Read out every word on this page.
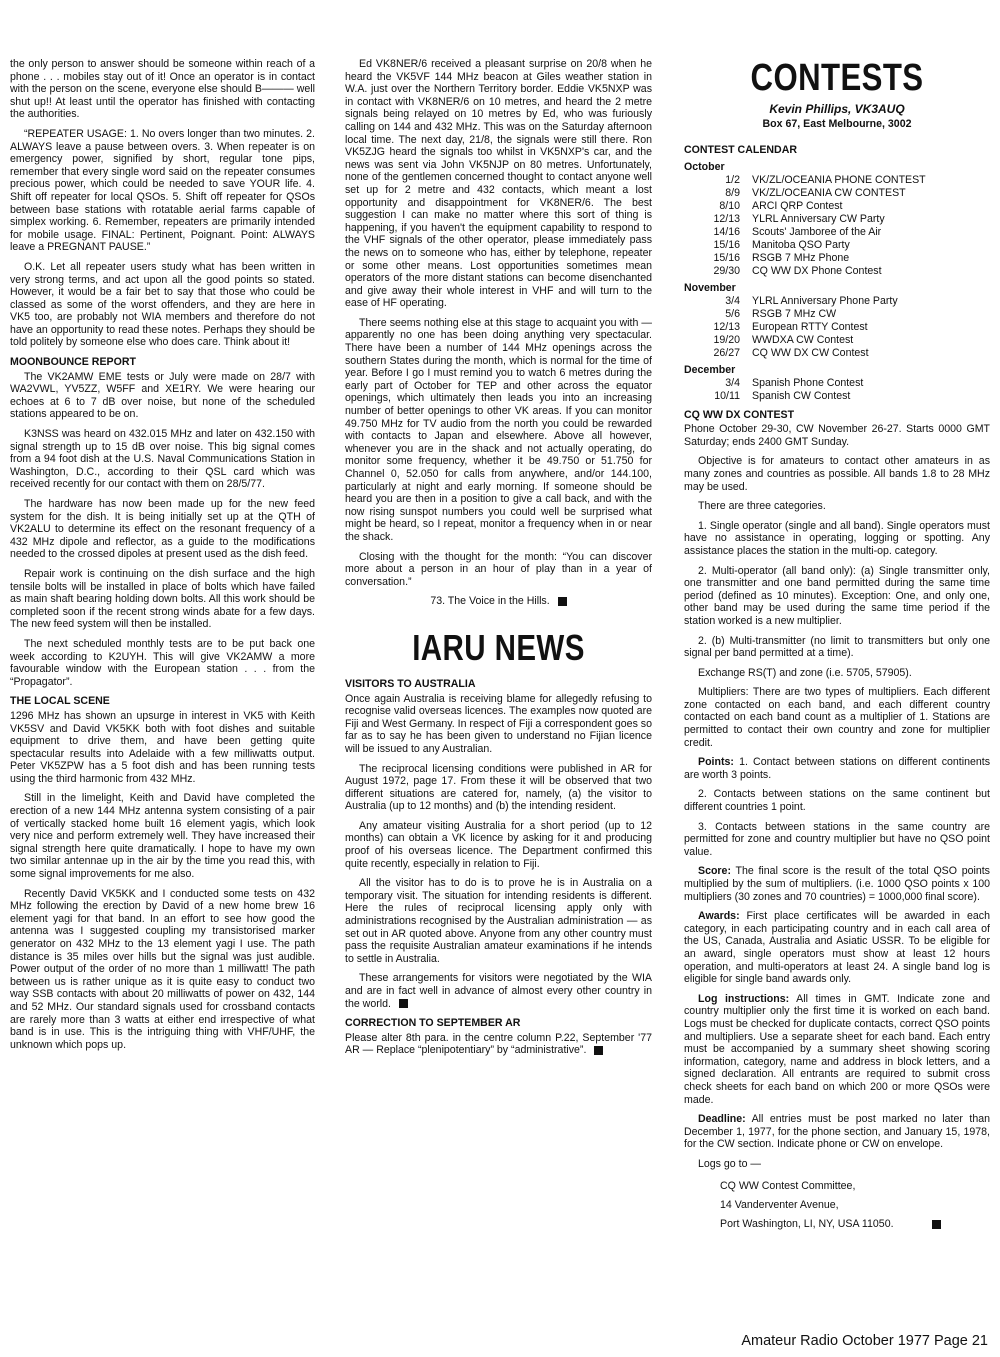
the only person to answer should be someone within reach of a phone . . . mobiles stay out of it! Once an operator is in contact with the person on the scene, everyone else should B——— well shut up!! At least until the operator has finished with contacting the authorities.

“REPEATER USAGE: 1. No overs longer than two minutes. 2. ALWAYS leave a pause between overs. 3. When repeater is on emergency power, signified by short, regular tone pips, remember that every single word said on the repeater consumes precious power, which could be needed to save YOUR life. 4. Shift off repeater for local QSOs. 5. Shift off repeater for QSOs between base stations with rotatable aerial farms capable of simplex working. 6. Remember, repeaters are primarily intended for mobile usage. FINAL: Pertinent, Poignant. Point: ALWAYS leave a PREGNANT PAUSE.”

O.K. Let all repeater users study what has been written in very strong terms, and act upon all the good points so stated. However, it would be a fair bet to say that those who could be classed as some of the worst offenders, and they are here in VK5 too, are probably not WIA members and therefore do not have an opportunity to read these notes. Perhaps they should be told politely by someone else who does care. Think about it!

MOONBOUNCE REPORT

The VK2AMW EME tests or July were made on 28/7 with WA2VWL, YV5ZZ, W5FF and XE1RY. We were hearing our echoes at 6 to 7 dB over noise, but none of the scheduled stations appeared to be on.

K3NSS was heard on 432.015 MHz and later on 432.150 with signal strength up to 15 dB over noise. This big signal comes from a 94 foot dish at the U.S. Naval Communications Station in Washington, D.C., according to their QSL card which was received recently for our contact with them on 28/5/77.

The hardware has now been made up for the new feed system for the dish. It is being initially set up at the QTH of VK2ALU to determine its effect on the resonant frequency of a 432 MHz dipole and reflector, as a guide to the modifications needed to the crossed dipoles at present used as the dish feed.

Repair work is continuing on the dish surface and the high tensile bolts will be installed in place of bolts which have failed as main shaft bearing holding down bolts. All this work should be completed soon if the recent strong winds abate for a few days. The new feed system will then be installed.

The next scheduled monthly tests are to be put back one week according to K2UYH. This will give VK2AMW a more favourable window with the European station . . . from the “Propagator”.

THE LOCAL SCENE

1296 MHz has shown an upsurge in interest in VK5 with Keith VK5SV and David VK5KK both with foot dishes and suitable equipment to drive them, and have been getting quite spectacular results into Adelaide with a few milliwatts output. Peter VK5ZPW has a 5 foot dish and has been running tests using the third harmonic from 432 MHz.

Still in the limelight, Keith and David have completed the erection of a new 144 MHz antenna system consisting of a pair of vertically stacked home built 16 element yagis, which look very nice and perform extremely well. They have increased their signal strength here quite dramatically. I hope to have my own two similar antennae up in the air by the time you read this, with some signal improvements for me also.

Recently David VK5KK and I conducted some tests on 432 MHz following the erection by David of a new home brew 16 element yagi for that band. In an effort to see how good the antenna was I suggested coupling my transistorised marker generator on 432 MHz to the 13 element yagi I use. The path distance is 35 miles over hills but the signal was just audible. Power output of the order of no more than 1 milliwatt! The path between us is rather unique as it is quite easy to conduct two way SSB contacts with about 20 milliwatts of power on 432, 144 and 52 MHz. Our standard signals used for crossband contacts are rarely more than 3 watts at either end irrespective of what band is in use. This is the intriguing thing with VHF/UHF, the unknown which pops up.

Ed VK8NER/6 received a pleasant surprise on 20/8 when he heard the VK5VF 144 MHz beacon at Giles weather station in W.A. just over the Northern Territory border. Eddie VK5NXP was in contact with VK8NER/6 on 10 metres, and heard the 2 metre signals being relayed on 10 metres by Ed, who was furiously calling on 144 and 432 MHz. This was on the Saturday afternoon local time. The next day, 21/8, the signals were still there. Ron VK5ZJG heard the signals too whilst in VK5NXP's car, and the news was sent via John VK5NJP on 80 metres. Unfortunately, none of the gentlemen concerned thought to contact anyone well set up for 2 metre and 432 contacts, which meant a lost opportunity and disappointment for VK8NER/6. The best suggestion I can make no matter where this sort of thing is happening, if you haven't the equipment capability to respond to the VHF signals of the other operator, please immediately pass the news on to someone who has, either by telephone, repeater or some other means. Lost opportunities sometimes mean operators of the more distant stations can become disenchanted and give away their whole interest in VHF and will turn to the ease of HF operating.

There seems nothing else at this stage to acquaint you with — apparently no one has been doing anything very spectacular. There have been a number of 144 MHz openings across the southern States during the month, which is normal for the time of year. Before I go I must remind you to watch 6 metres during the early part of October for TEP and other across the equator openings, which ultimately then leads you into an increasing number of better openings to other VK areas. If you can monitor 49.750 MHz for TV audio from the north you could be rewarded with contacts to Japan and elsewhere. Above all however, whenever you are in the shack and not actually operating, do monitor some frequency, whether it be 49.750 or 51.750 for Channel 0, 52.050 for calls from anywhere, and/or 144.100, particularly at night and early morning. If someone should be heard you are then in a position to give a call back, and with the now rising sunspot numbers you could well be surprised what might be heard, so I repeat, monitor a frequency when in or near the shack.

Closing with the thought for the month: “You can discover more about a person in an hour of play than in a year of conversation.”

73. The Voice in the Hills.

IARU NEWS
VISITORS TO AUSTRALIA

Once again Australia is receiving blame for allegedly refusing to recognise valid overseas licences. The examples now quoted are Fiji and West Germany. In respect of Fiji a correspondent goes so far as to say he has been given to understand no Fijian licence will be issued to any Australian.

The reciprocal licensing conditions were published in AR for August 1972, page 17. From these it will be observed that two different situations are catered for, namely, (a) the visitor to Australia (up to 12 months) and (b) the intending resident.

Any amateur visiting Australia for a short period (up to 12 months) can obtain a VK licence by asking for it and producing proof of his overseas licence. The Department confirmed this quite recently, especially in relation to Fiji.

All the visitor has to do is to prove he is in Australia on a temporary visit. The situation for intending residents is different. Here the rules of reciprocal licensing apply only with administrations recognised by the Australian administration — as set out in AR quoted above. Anyone from any other country must pass the requisite Australian amateur examinations if he intends to settle in Australia.

These arrangements for visitors were negotiated by the WIA and are in fact well in advance of almost every other country in the world.

CORRECTION TO SEPTEMBER AR

Please alter 8th para. in the centre column P.22, September '77 AR — Replace “plenipotentiary” by “administrative”.

CONTESTS
Kevin Phillips, VK3AUQ
Box 67, East Melbourne, 3002
CONTEST CALENDAR
October
1/2	VK/ZL/OCEANIA PHONE CONTEST
8/9	VK/ZL/OCEANIA CW CONTEST
8/10	ARCI QRP Contest
12/13	YLRL Anniversary CW Party
14/16	Scouts' Jamboree of the Air
15/16	Manitoba QSO Party
15/16	RSGB 7 MHz Phone
29/30	CQ WW DX Phone Contest
November
3/4	YLRL Anniversary Phone Party
5/6	RSGB 7 MHz CW
12/13	European RTTY Contest
19/20	WWDXA CW Contest
26/27	CQ WW DX CW Contest
December
3/4	Spanish Phone Contest
10/11	Spanish CW Contest
CQ WW DX CONTEST

Phone October 29-30, CW November 26-27. Starts 0000 GMT Saturday; ends 2400 GMT Sunday.

Objective is for amateurs to contact other amateurs in as many zones and countries as possible. All bands 1.8 to 28 MHz may be used.

There are three categories.

1. Single operator (single and all band). Single operators must have no assistance in operating, logging or spotting. Any assistance places the station in the multi-op. category.

2. Multi-operator (all band only): (a) Single transmitter only, one transmitter and one band permitted during the same time period (defined as 10 minutes). Exception: One, and only one, other band may be used during the same time period if the station worked is a new multiplier.

2. (b) Multi-transmitter (no limit to transmitters but only one signal per band permitted at a time).

Exchange RS(T) and zone (i.e. 5705, 57905).

Multipliers: There are two types of multipliers. Each different zone contacted on each band, and each different country contacted on each band count as a multiplier of 1. Stations are permitted to contact their own country and zone for multiplier credit.

Points: 1. Contact between stations on different continents are worth 3 points.

2. Contacts between stations on the same continent but different countries 1 point.

3. Contacts between stations in the same country are permitted for zone and country multiplier but have no QSO point value.

Score: The final score is the result of the total QSO points multiplied by the sum of multipliers. (i.e. 1000 QSO points x 100 multipliers (30 zones and 70 countries) = 1000,000 final score).

Awards: First place certificates will be awarded in each category, in each participating country and in each call area of the US, Canada, Australia and Asiatic USSR. To be eligible for an award, single operators must show at least 12 hours operation, and multi-operators at least 24. A single band log is eligible for single band awards only.

Log instructions: All times in GMT. Indicate zone and country multiplier only the first time it is worked on each band. Logs must be checked for duplicate contacts, correct QSO points and multipliers. Use a separate sheet for each band. Each entry must be accompanied by a summary sheet showing scoring information, category, name and address in block letters, and a signed declaration. All entrants are required to submit cross check sheets for each band on which 200 or more QSOs were made.

Deadline: All entries must be post marked no later than December 1, 1977, for the phone section, and January 15, 1978, for the CW section. Indicate phone or CW on envelope.

Logs go to —

CQ WW Contest Committee,
14 Vanderventer Avenue,
Port Washington, LI, NY, USA 11050.
Amateur Radio October 1977 Page 21
